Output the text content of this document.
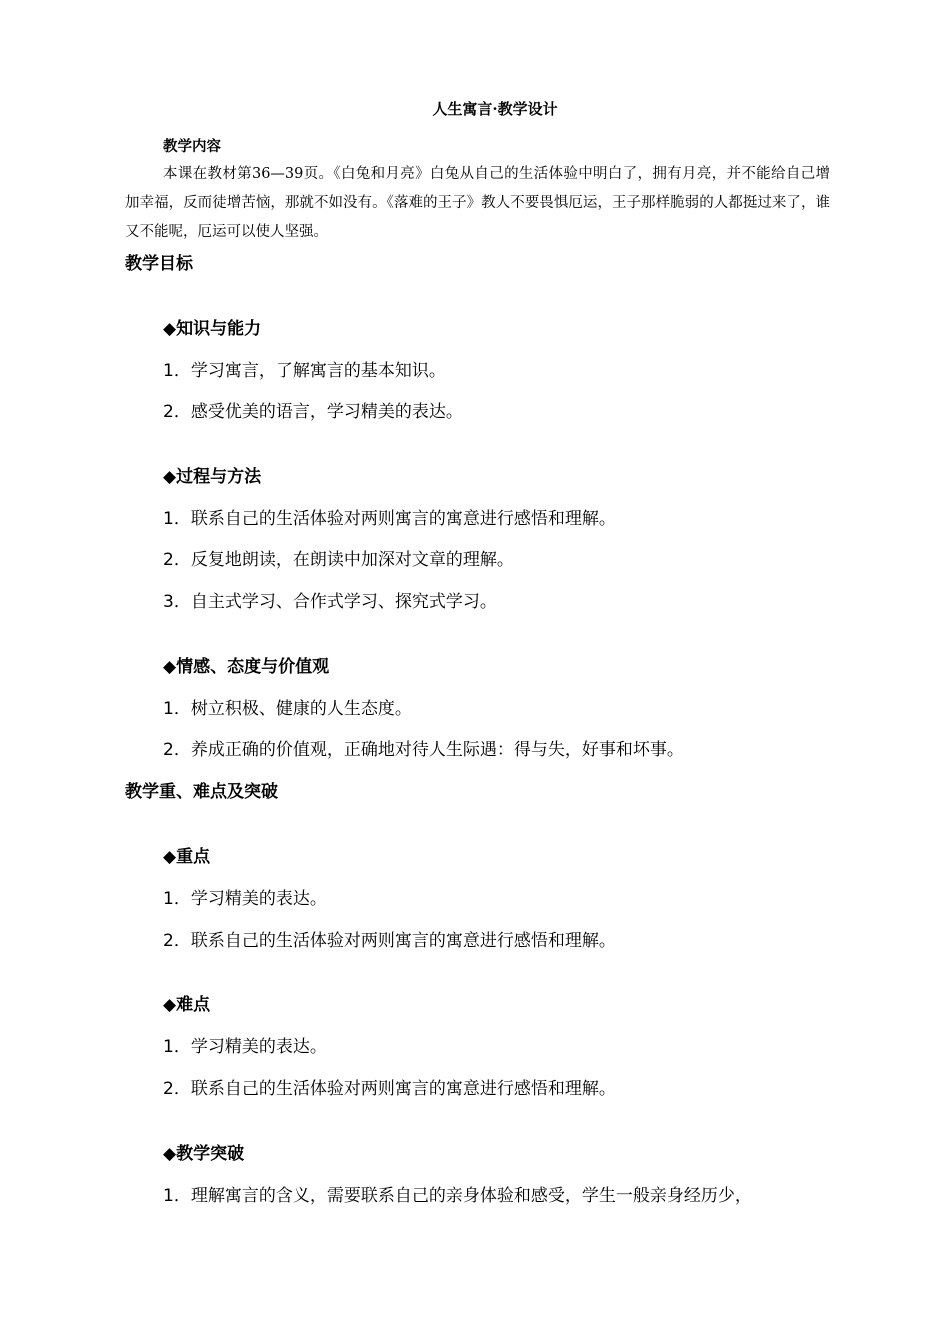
人生寓言·教学设计
教学内容
本课在教材第36—39页。《白兔和月亮》白兔从自己的生活体验中明白了，拥有月亮，并不能给自己增加幸福，反而徒增苦恼，那就不如没有。《落难的王子》教人不要畏惧厄运，王子那样脆弱的人都挺过来了，谁又不能呢，厄运可以使人坚强。
教学目标
◆知识与能力
1．学习寓言，了解寓言的基本知识。
2．感受优美的语言，学习精美的表达。
◆过程与方法
1．联系自己的生活体验对两则寓言的寓意进行感悟和理解。
2．反复地朗读，在朗读中加深对文章的理解。
3．自主式学习、合作式学习、探究式学习。
◆情感、态度与价值观
1．树立积极、健康的人生态度。
2．养成正确的价值观，正确地对待人生际遇：得与失，好事和坏事。
教学重、难点及突破
◆重点
1．学习精美的表达。
2．联系自己的生活体验对两则寓言的寓意进行感悟和理解。
◆难点
1．学习精美的表达。
2．联系自己的生活体验对两则寓言的寓意进行感悟和理解。
◆教学突破
1．理解寓言的含义，需要联系自己的亲身体验和感受，学生一般亲身经历少，
